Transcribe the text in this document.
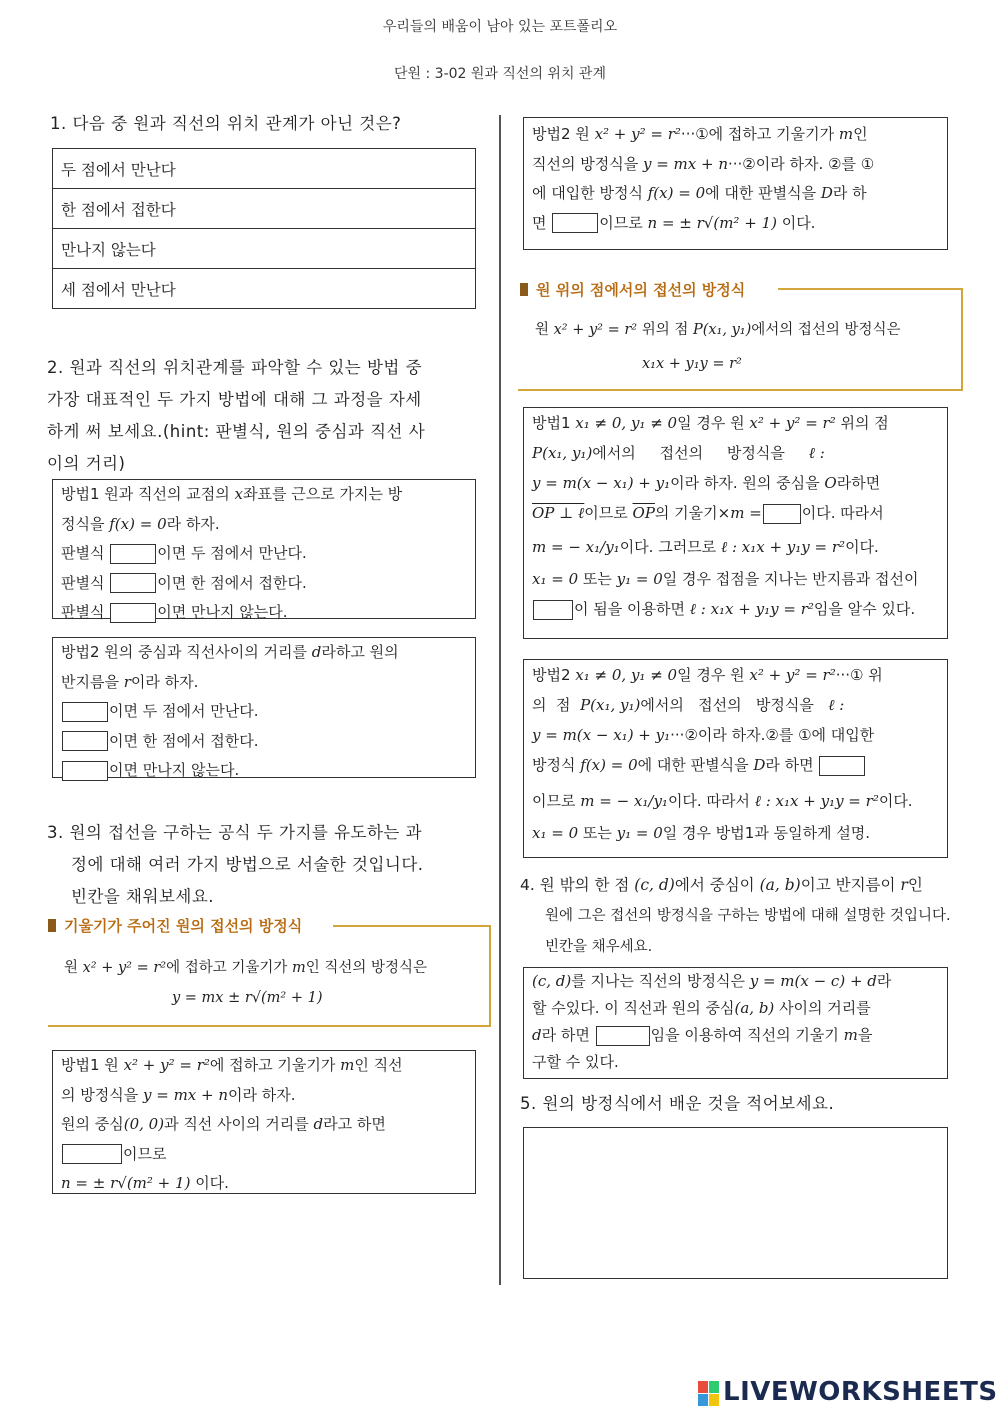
우리들의 배움이 남아 있는 포트폴리오
단원 : 3-02 원과 직선의 위치 관계
1. 다음 중 원과 직선의 위치 관계가 아닌 것은?
두 점에서 만난다
한 점에서 접한다
만나지 않는다
세 점에서 만난다
2. 원과 직선의 위치관계를 파악할 수 있는 방법 중
가장 대표적인 두 가지 방법에 대해 그 과정을 자세
하게 써 보세요.(hint: 판별식, 원의 중심과 직선 사
이의 거리)
방법1 원과 직선의 교점의 x좌표를 근으로 가지는 방
정식을 f(x) = 0라 하자.
판별식	이면 두 점에서 만난다.
판별식	이면 한 점에서 접한다.
판별식	이면 만나지 않는다.
방법2 원의 중심과 직선사이의 거리를 d라하고 원의
반지름을 r이라 하자.
이면 두 점에서 만난다.
이면 한 점에서 접한다.
이면 만나지 않는다.
3. 원의 접선을 구하는 공식 두 가지를 유도하는 과
정에 대해 여러 가지 방법으로 서술한 것입니다.
빈칸을 채워보세요.
기울기가 주어진 원의 접선의 방정식
원 x² + y² = r²에 접하고 기울기가 m인 직선의 방정식은
y = mx ± r√(m² + 1)
방법1 원 x² + y² = r²에 접하고 기울기가 m인 직선
의 방정식을 y = mx + n이라 하자.
원의 중심(0, 0)과 직선 사이의 거리를 d라고 하면
이므로
n = ± r√(m² + 1) 이다.
방법2 원 x² + y² = r²···①에 접하고 기울기가 m인
직선의 방정식을 y = mx + n···②이라 하자. ②를 ①
에 대입한 방정식 f(x) = 0에 대한 판별식을 D라 하
면	이므로 n = ± r√(m² + 1) 이다.
원 위의 점에서의 접선의 방정식
원 x² + y² = r² 위의 점 P(x₁, y₁)에서의 접선의 방정식은
x₁x + y₁y = r²
방법1 x₁ ≠ 0, y₁ ≠ 0일 경우 원 x² + y² = r² 위의 점
P(x₁, y₁)에서의     접선의     방정식을     ℓ :
y = m(x − x₁) + y₁이라 하자. 원의 중심을 O라하면
OP ⊥ ℓ이므로 $\overline{OP}$의 기울기×m =	이다. 따라서
m = − x₁/y₁이다. 그러므로 ℓ : x₁x + y₁y = r²이다.
x₁ = 0 또는 y₁ = 0일 경우 접점을 지나는 반지름과 접선이
이 됨을 이용하면 ℓ : x₁x + y₁y = r²임을 알수 있다.
방법2 x₁ ≠ 0, y₁ ≠ 0일 경우 원 x² + y² = r²···① 위
의  점  P(x₁, y₁)에서의   접선의   방정식을   ℓ :
y = m(x − x₁) + y₁···②이라 하자.②를 ①에 대입한
방정식 f(x) = 0에 대한 판별식을 D라 하면
이므로 m = − x₁/y₁이다. 따라서 ℓ : x₁x + y₁y = r²이다.
x₁ = 0 또는 y₁ = 0일 경우 방법1과 동일하게 설명.
4. 원 밖의 한 점 (c, d)에서 중심이 (a, b)이고 반지름이 r인
원에 그은 접선의 방정식을 구하는 방법에 대해 설명한 것입니다.
빈칸을 채우세요.
(c, d)를 지나는 직선의 방정식은 y = m(x − c) + d라
할 수있다. 이 직선과 원의 중심(a, b) 사이의 거리를
d라 하면	임을 이용하여 직선의 기울기 m을
구할 수 있다.
5. 원의 방정식에서 배운 것을 적어보세요.
LIVEWORKSHEETS
